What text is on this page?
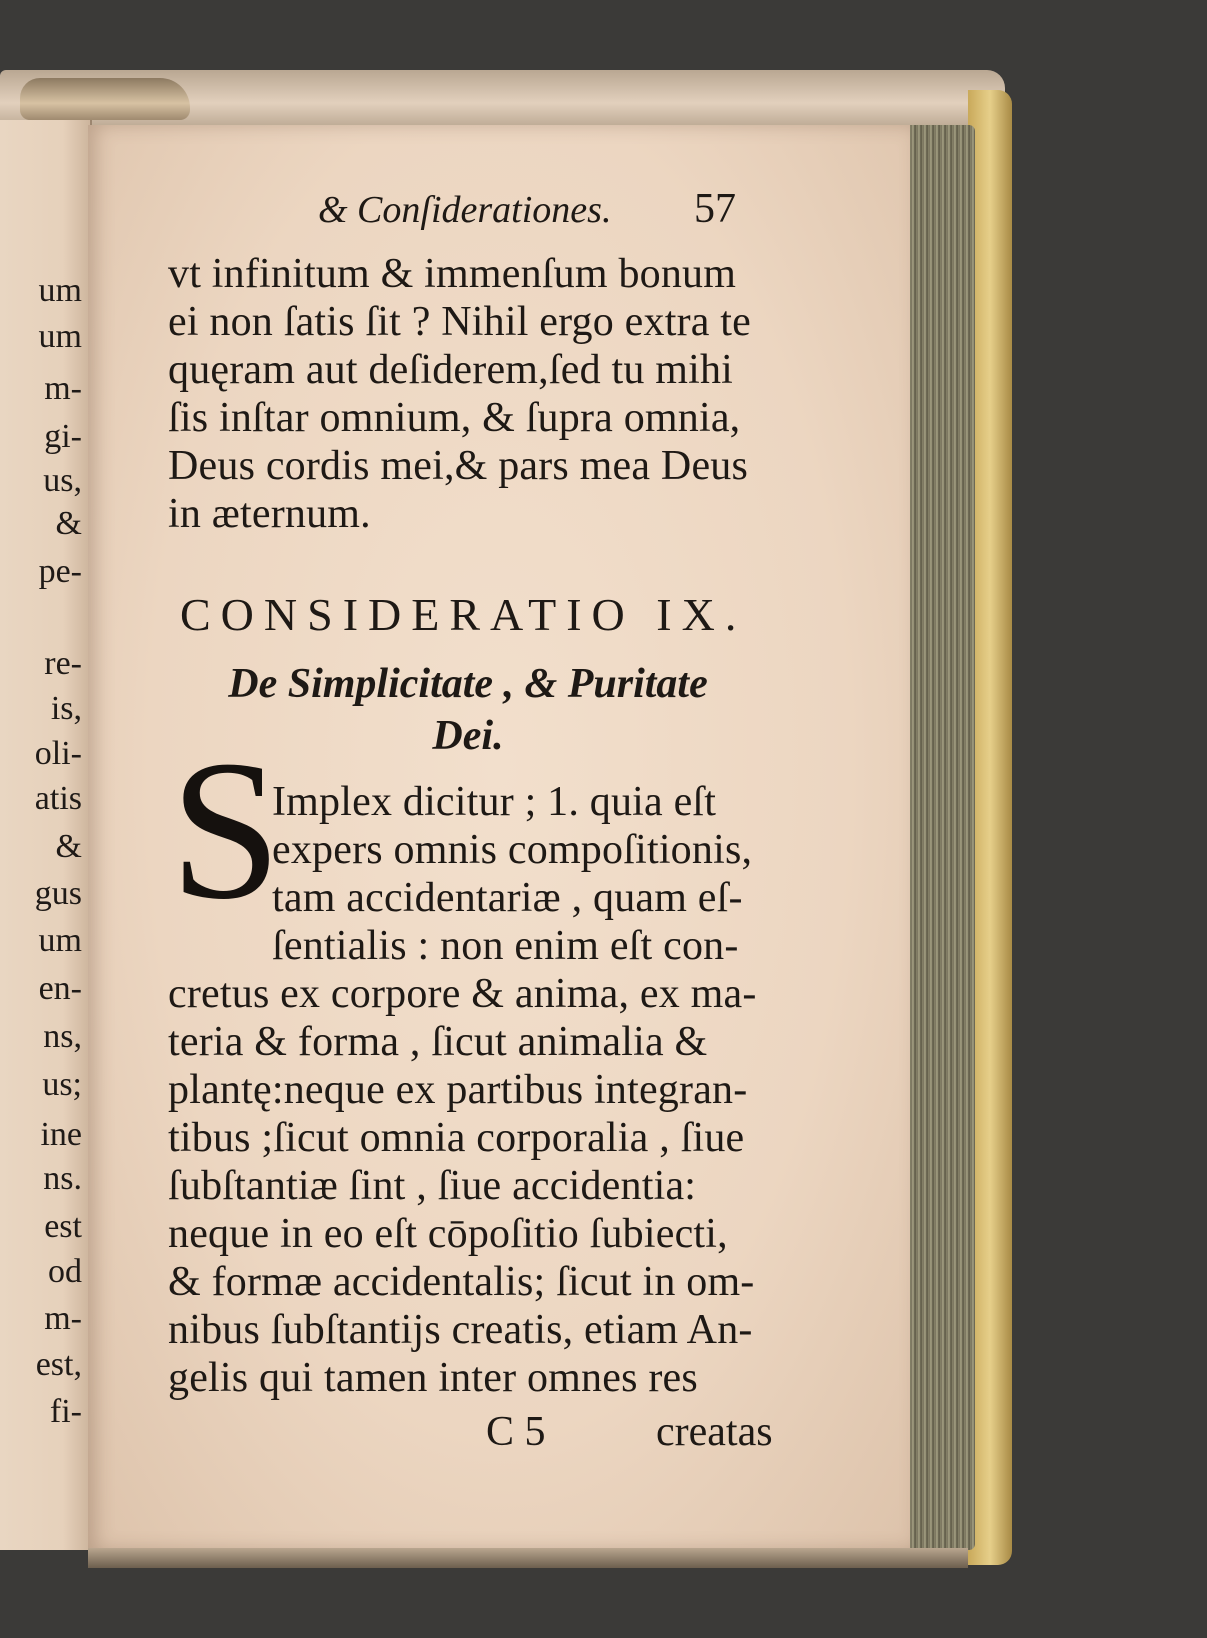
um
um
m-
gi-
us,
&
pe-
re-
is,
oli-
atis
&
gus
um
en-
ns,
us;
ine
ns.
est
od
m-
est,
fi-
& Conſiderationes. 57
vt infinitum & immenſum bonum
ei non ſatis ſit ? Nihil ergo extra te
quęram aut deſiderem,ſed tu mihi
ſis inſtar omnium, & ſupra omnia,
Deus cordis mei,& pars mea Deus
in æternum.
CONSIDERATIO IX.
De Simplicitate , & Puritate
Dei.
S
Implex dicitur ; 1. quia eſt
expers omnis compoſitionis,
tam accidentariæ , quam eſ-
ſentialis : non enim eſt con-
cretus ex corpore & anima, ex ma-
teria & forma , ſicut animalia &
plantę:neque ex partibus integran-
tibus ;ſicut omnia corporalia , ſiue
ſubſtantiæ ſint , ſiue accidentia:
neque in eo eſt cōpoſitio ſubiecti,
& formæ accidentalis; ſicut in om-
nibus ſubſtantijs creatis, etiam An-
gelis qui tamen inter omnes res
C 5	creatas
